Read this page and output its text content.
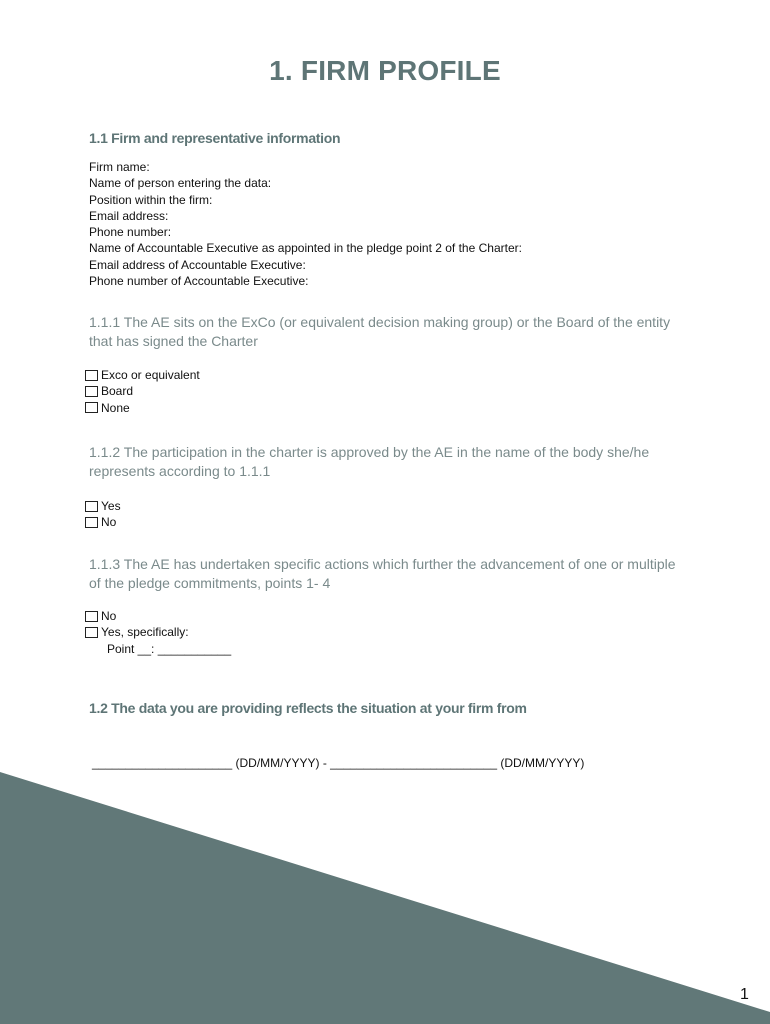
1. FIRM PROFILE
1.1 Firm and representative information
Firm name:
Name of person entering the data:
Position within the firm:
Email address:
Phone number:
Name of Accountable Executive as appointed in the pledge point 2 of the Charter:
Email address of Accountable Executive:
Phone number of Accountable Executive:
1.1.1 The AE sits on the ExCo (or equivalent decision making group) or the Board of the entity that has signed the Charter
Exco or equivalent
Board
None
1.1.2 The participation in the charter is approved by the AE in the name of the body she/he represents according to 1.1.1
Yes
No
1.1.3 The AE has undertaken specific actions which further the advancement of one or multiple of the pledge commitments, points 1- 4
No
Yes, specifically:
Point __: ___________
1.2 The data you are providing reflects the situation at your firm from
_____________________ (DD/MM/YYYY) - _________________________ (DD/MM/YYYY)
1
